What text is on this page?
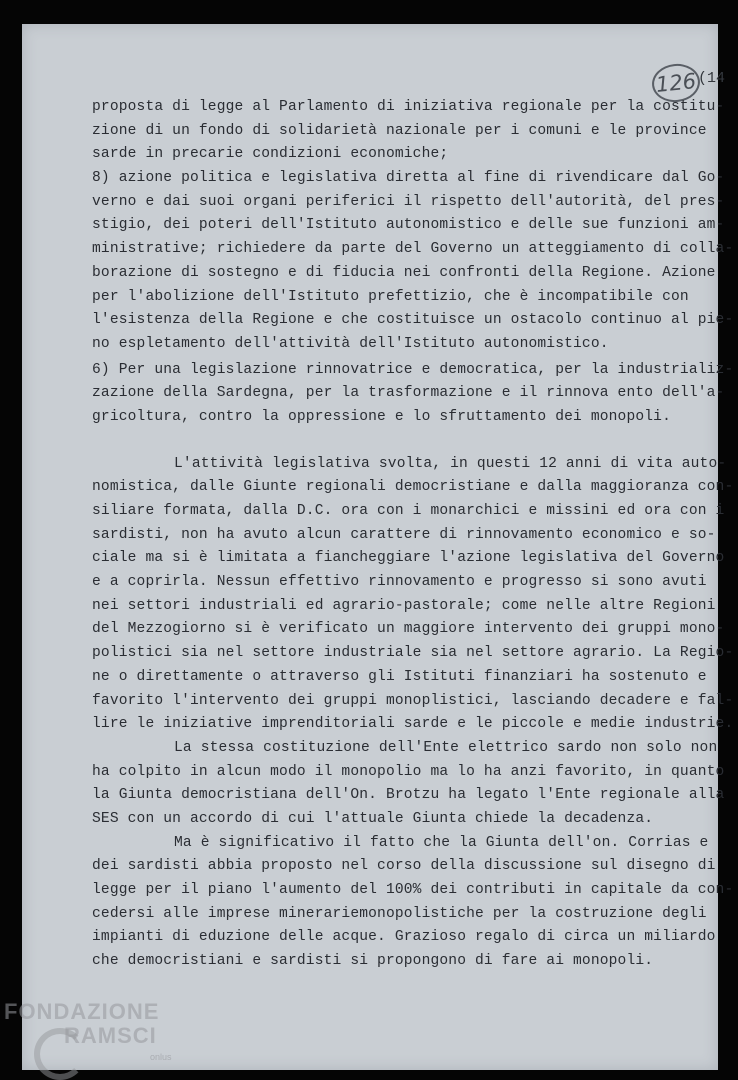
126 (14
proposta di legge al Parlamento di iniziativa regionale per la costitu-
zione di un fondo di solidarietà nazionale per i comuni e le province
sarde in precarie condizioni economiche;
8) azione politica e legislativa diretta al fine di rivendicare dal Go-
verno e dai suoi organi periferici il rispetto dell'autorità, del pres-
stigio, dei poteri dell'Istituto autonomistico e delle sue funzioni am-
ministrative; richiedere da parte del Governo un atteggiamento di colla-
borazione di sostegno e di fiducia nei confronti della Regione. Azione
per l'abolizione dell'Istituto prefettizio, che è incompatibile con
l'esistenza della Regione e che costituisce un ostacolo continuo al pie-
no espletamento dell'attività dell'Istituto autonomistico.
6) Per una legislazione rinnovatrice e democratica, per la industrializ-
zazione della Sardegna, per la trasformazione e il rinnova ento dell'a-
gricoltura, contro la oppressione e lo sfruttamento dei monopoli.
L'attività legislativa svolta, in questi 12 anni di vita auto-
nomistica, dalle Giunte regionali democristiane e dalla maggioranza con-
siliare formata, dalla D.C. ora con i monarchici e missini ed ora con i
sardisti, non ha avuto alcun carattere di rinnovamento economico e so-
ciale ma si è limitata a fiancheggiare l'azione legislativa del Governo
e a coprirla. Nessun effettivo rinnovamento e progresso si sono avuti
nei settori industriali ed agrario-pastorale; come nelle altre Regioni
del Mezzogiorno si è verificato un maggiore intervento dei gruppi mono-
polistici sia nel settore industriale sia nel settore agrario. La Regio-
ne o direttamente o attraverso gli Istituti finanziari ha sostenuto e
favorito l'intervento dei gruppi monoplistici, lasciando decadere e fal-
lire le iniziative imprenditoriali sarde e le piccole e medie industrie.
La stessa costituzione dell'Ente elettrico sardo non solo non
ha colpito in alcun modo il monopolio ma lo ha anzi favorito, in quanto
la Giunta democristiana dell'On. Brotzu ha legato l'Ente regionale alla
SES con un accordo di cui l'attuale Giunta chiede la decadenza.
Ma è significativo il fatto che la Giunta dell'on. Corrias e
dei sardisti abbia proposto nel corso della discussione sul disegno di
legge per il piano l'aumento del 100% dei contributi in capitale da con-
cedersi alle imprese minerariemonopolistiche per la costruzione degli
impianti di eduzione delle acque. Grazioso regalo di circa un miliardo
che democristiani e sardisti si propongono di fare ai monopoli.
FONDAZIONE
RAMSCI
onlus
